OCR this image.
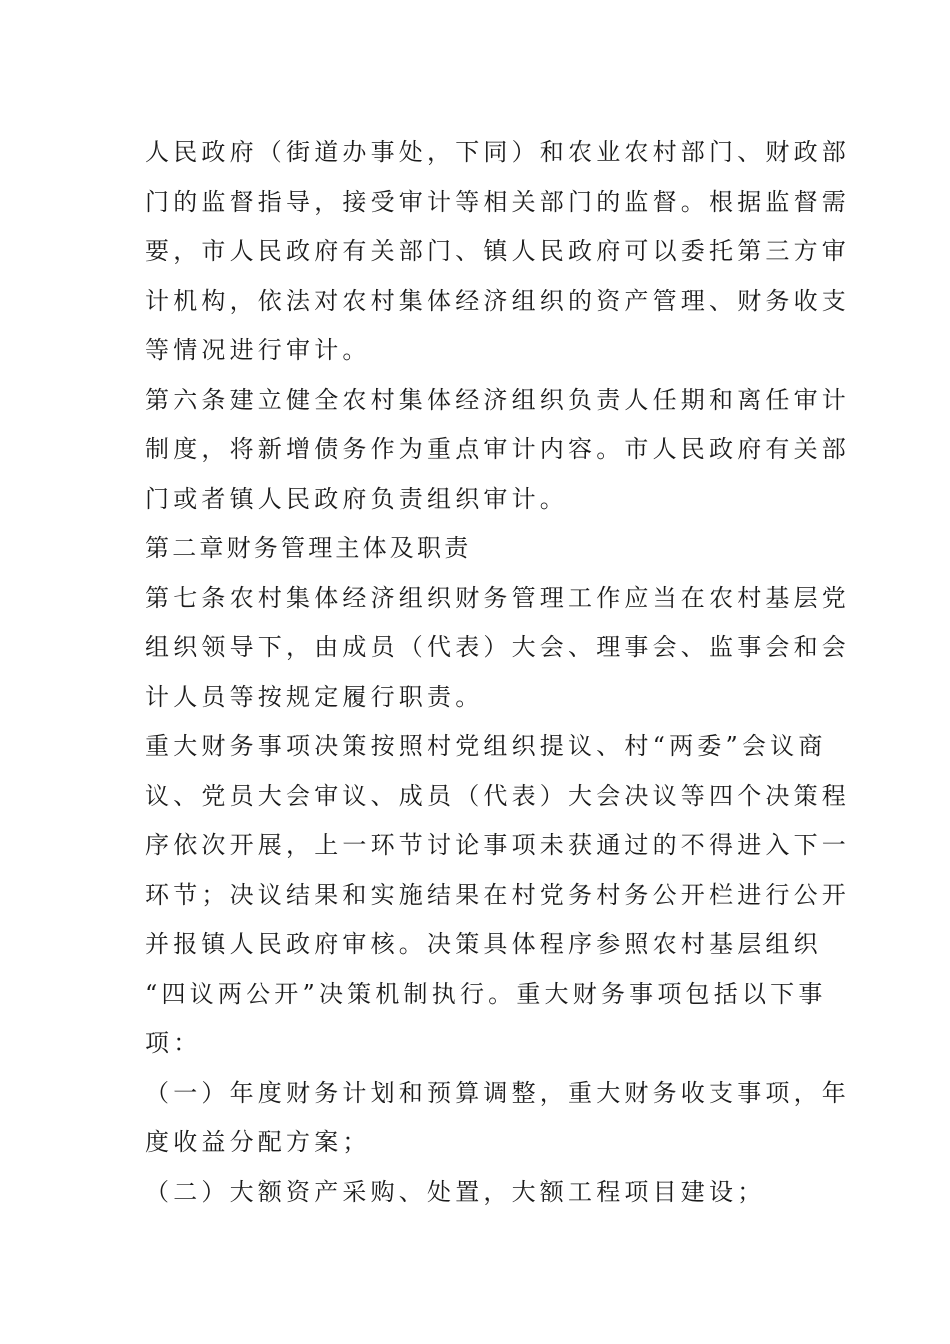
人民政府（街道办事处，下同）和农业农村部门、财政部
门的监督指导，接受审计等相关部门的监督。根据监督需
要，市人民政府有关部门、镇人民政府可以委托第三方审
计机构，依法对农村集体经济组织的资产管理、财务收支
等情况进行审计。
第六条建立健全农村集体经济组织负责人任期和离任审计
制度，将新增债务作为重点审计内容。市人民政府有关部
门或者镇人民政府负责组织审计。
第二章财务管理主体及职责
第七条农村集体经济组织财务管理工作应当在农村基层党
组织领导下，由成员（代表）大会、理事会、监事会和会
计人员等按规定履行职责。
重大财务事项决策按照村党组织提议、村“两委”会议商
议、党员大会审议、成员（代表）大会决议等四个决策程
序依次开展，上一环节讨论事项未获通过的不得进入下一
环节；决议结果和实施结果在村党务村务公开栏进行公开
并报镇人民政府审核。决策具体程序参照农村基层组织
“四议两公开”决策机制执行。重大财务事项包括以下事
项：
（一）年度财务计划和预算调整，重大财务收支事项，年
度收益分配方案；
（二）大额资产采购、处置，大额工程项目建设；
